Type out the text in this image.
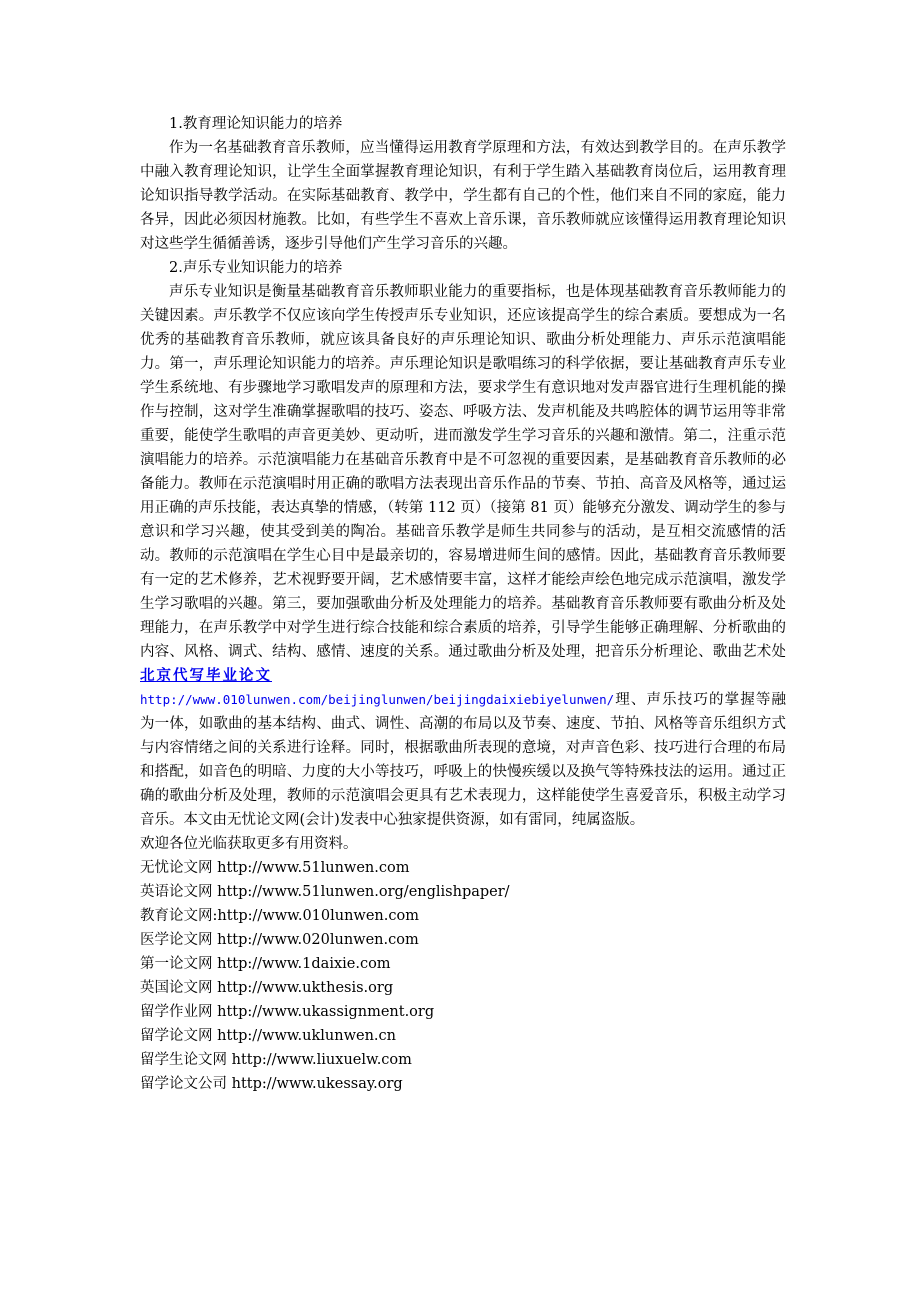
1.教育理论知识能力的培养

作为一名基础教育音乐教师，应当懂得运用教育学原理和方法，有效达到教学目的。在声乐教学中融入教育理论知识，让学生全面掌握教育理论知识，有利于学生踏入基础教育岗位后，运用教育理论知识指导教学活动。在实际基础教育、教学中，学生都有自己的个性，他们来自不同的家庭，能力各异，因此必须因材施教。比如，有些学生不喜欢上音乐课，音乐教师就应该懂得运用教育理论知识对这些学生循循善诱，逐步引导他们产生学习音乐的兴趣。

2.声乐专业知识能力的培养

声乐专业知识是衡量基础教育音乐教师职业能力的重要指标，也是体现基础教育音乐教师能力的关键因素。声乐教学不仅应该向学生传授声乐专业知识，还应该提高学生的综合素质。要想成为一名优秀的基础教育音乐教师，就应该具备良好的声乐理论知识、歌曲分析处理能力、声乐示范演唱能力。第一，声乐理论知识能力的培养。声乐理论知识是歌唱练习的科学依据，要让基础教育声乐专业学生系统地、有步骤地学习歌唱发声的原理和方法，要求学生有意识地对发声器官进行生理机能的操作与控制，这对学生准确掌握歌唱的技巧、姿态、呼吸方法、发声机能及共鸣腔体的调节运用等非常重要，能使学生歌唱的声音更美妙、更动听，进而激发学生学习音乐的兴趣和激情。第二，注重示范演唱能力的培养。示范演唱能力在基础音乐教育中是不可忽视的重要因素，是基础教育音乐教师的必备能力。教师在示范演唱时用正确的歌唱方法表现出音乐作品的节奏、节拍、高音及风格等，通过运用正确的声乐技能，表达真挚的情感，（转第 112 页）（接第 81 页）能够充分激发、调动学生的参与意识和学习兴趣，使其受到美的陶冶。基础音乐教学是师生共同参与的活动，是互相交流感情的活动。教师的示范演唱在学生心目中是最亲切的，容易增进师生间的感情。因此，基础教育音乐教师要有一定的艺术修养，艺术视野要开阔，艺术感情要丰富，这样才能绘声绘色地完成示范演唱，激发学生学习歌唱的兴趣。第三，要加强歌曲分析及处理能力的培养。基础教育音乐教师要有歌曲分析及处理能力，在声乐教学中对学生进行综合技能和综合素质的培养，引导学生能够正确理解、分析歌曲的内容、风格、调式、结构、感情、速度的关系。通过歌曲分析及处理，把音乐分析理论、歌曲艺术处北京代写毕业论文
http://www.010lunwen.com/beijinglunwen/beijingdaixiebiyelunwen/理、声乐技巧的掌握等融为一体，如歌曲的基本结构、曲式、调性、高潮的布局以及节奏、速度、节拍、风格等音乐组织方式与内容情绪之间的关系进行诠释。同时，根据歌曲所表现的意境，对声音色彩、技巧进行合理的布局和搭配，如音色的明暗、力度的大小等技巧，呼吸上的快慢疾缓以及换气等特殊技法的运用。通过正确的歌曲分析及处理，教师的示范演唱会更具有艺术表现力，这样能使学生喜爱音乐，积极主动学习音乐。本文由无忧论文网(会计)发表中心独家提供资源，如有雷同，纯属盗版。

欢迎各位光临获取更多有用资料。

无忧论文网 http://www.51lunwen.com

英语论文网 http://www.51lunwen.org/englishpaper/

教育论文网:http://www.010lunwen.com

医学论文网 http://www.020lunwen.com

第一论文网 http://www.1daixie.com

英国论文网 http://www.ukthesis.org

留学作业网 http://www.ukassignment.org

留学论文网 http://www.uklunwen.cn

留学生论文网 http://www.liuxuelw.com

留学论文公司 http://www.ukessay.org
